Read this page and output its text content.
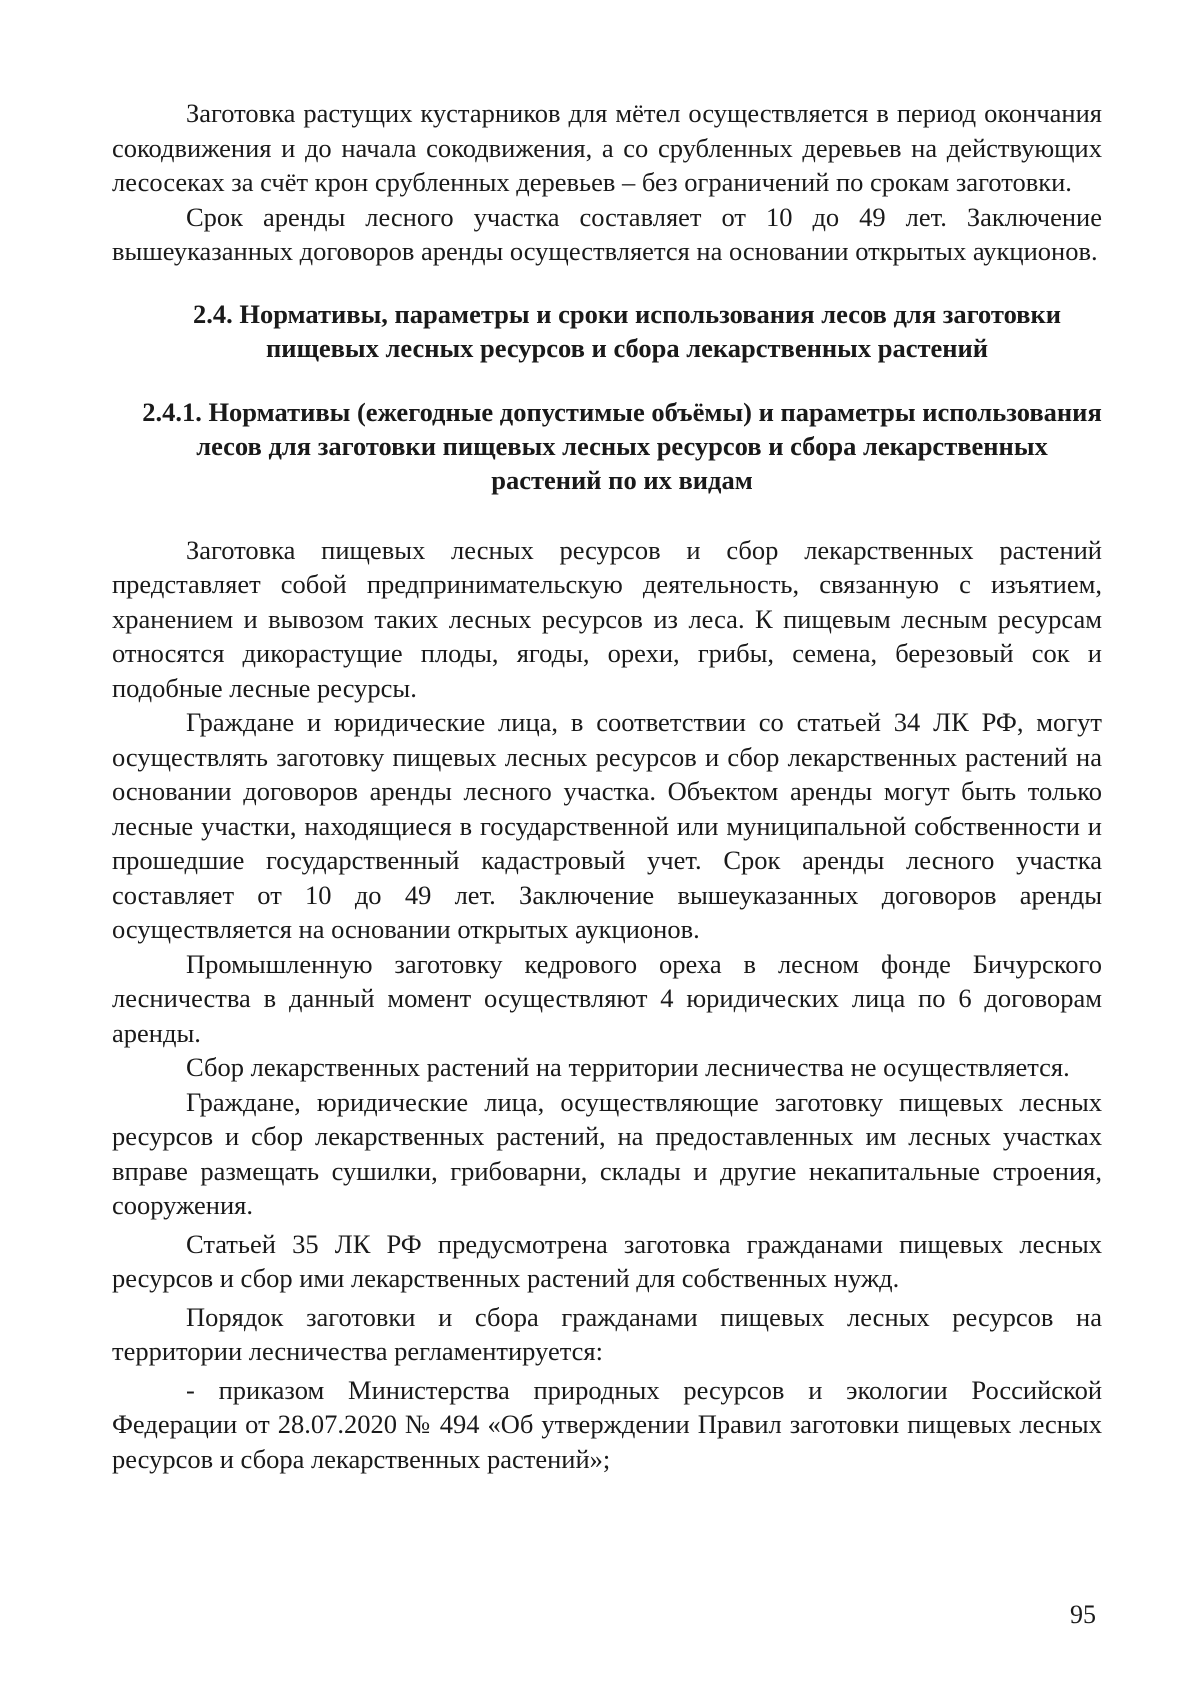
Заготовка растущих кустарников для мётел осуществляется в период окончания сокодвижения и до начала сокодвижения, а со срубленных деревьев на действующих лесосеках за счёт крон срубленных деревьев – без ограничений по срокам заготовки.

Срок аренды лесного участка составляет от 10 до 49 лет. Заключение вышеуказанных договоров аренды осуществляется на основании открытых аукционов.

2.4. Нормативы, параметры и сроки использования лесов для заготовки пищевых лесных ресурсов и сбора лекарственных растений

2.4.1. Нормативы (ежегодные допустимые объёмы) и параметры использования лесов для заготовки пищевых лесных ресурсов и сбора лекарственных растений по их видам

Заготовка пищевых лесных ресурсов и сбор лекарственных растений представляет собой предпринимательскую деятельность, связанную с изъятием, хранением и вывозом таких лесных ресурсов из леса. К пищевым лесным ресурсам относятся дикорастущие плоды, ягоды, орехи, грибы, семена, березовый сок и подобные лесные ресурсы.

Граждане и юридические лица, в соответствии со статьей 34 ЛК РФ, могут осуществлять заготовку пищевых лесных ресурсов и сбор лекарственных растений на основании договоров аренды лесного участка. Объектом аренды могут быть только лесные участки, находящиеся в государственной или муниципальной собственности и прошедшие государственный кадастровый учет. Срок аренды лесного участка составляет от 10 до 49 лет. Заключение вышеуказанных договоров аренды осуществляется на основании открытых аукционов.

Промышленную заготовку кедрового ореха в лесном фонде Бичурского лесничества в данный момент осуществляют 4 юридических лица по 6 договорам аренды.

Сбор лекарственных растений на территории лесничества не осуществляется.

Граждане, юридические лица, осуществляющие заготовку пищевых лесных ресурсов и сбор лекарственных растений, на предоставленных им лесных участках вправе размещать сушилки, грибоварни, склады и другие некапитальные строения, сооружения.

Статьей 35 ЛК РФ предусмотрена заготовка гражданами пищевых лесных ресурсов и сбор ими лекарственных растений для собственных нужд.

Порядок заготовки и сбора гражданами пищевых лесных ресурсов на территории лесничества регламентируется:

- приказом Министерства природных ресурсов и экологии Российской Федерации от 28.07.2020 № 494 «Об утверждении Правил заготовки пищевых лесных ресурсов и сбора лекарственных растений»;

95
